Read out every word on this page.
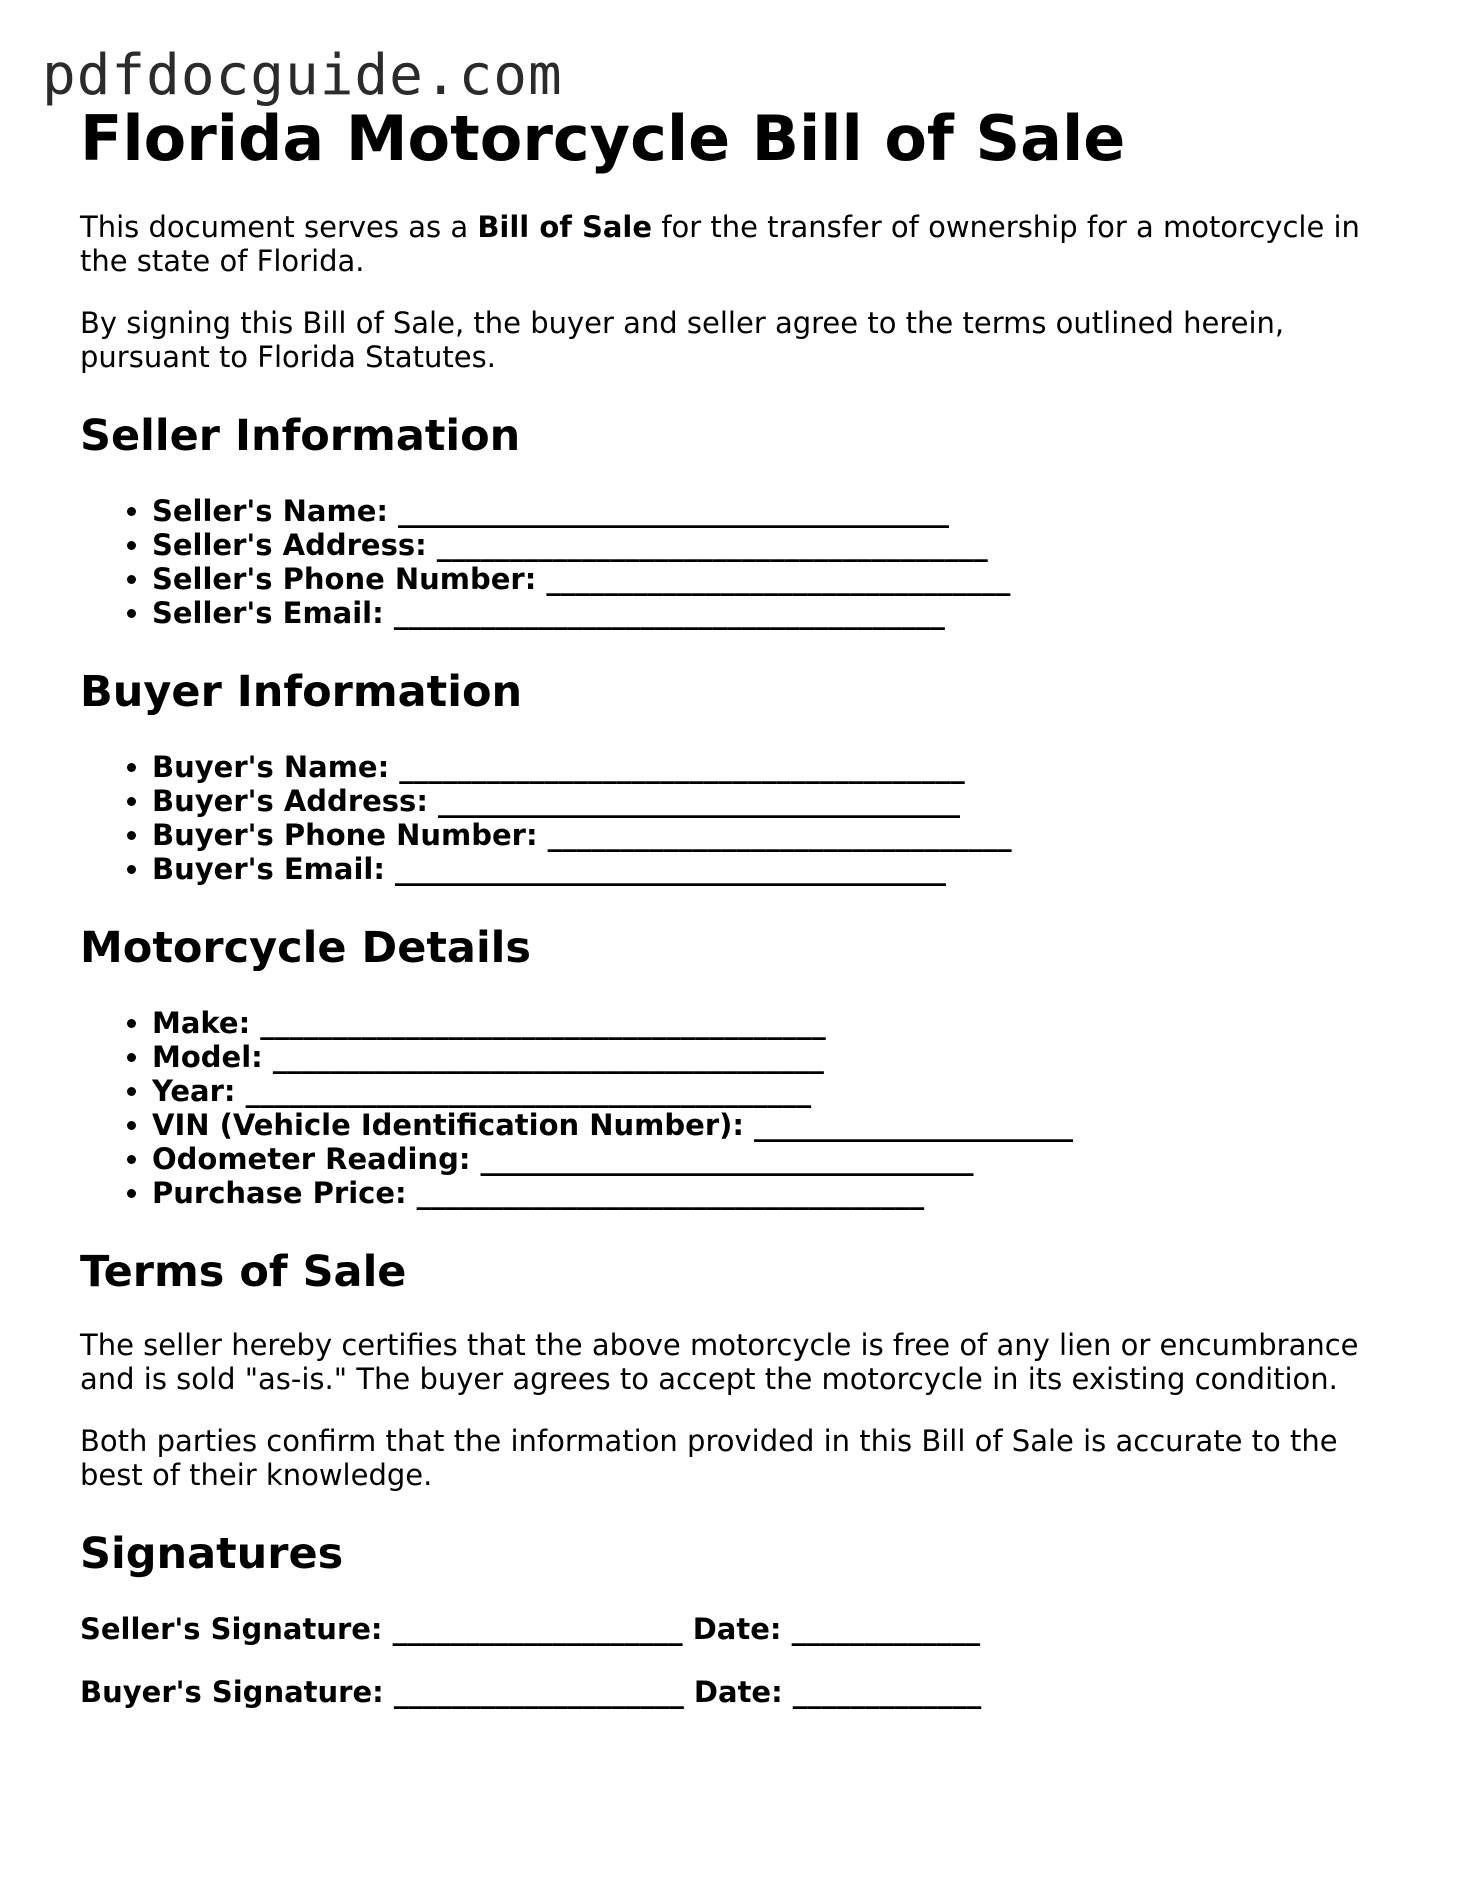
pdfdocguide.com
Florida Motorcycle Bill of Sale

This document serves as a Bill of Sale for the transfer of ownership for a motorcycle in the state of Florida.

By signing this Bill of Sale, the buyer and seller agree to the terms outlined herein, pursuant to Florida Statutes.

Seller Information
• Seller's Name: ______________________________________
• Seller's Address: ______________________________________
• Seller's Phone Number: ________________________________
• Seller's Email: ______________________________________
Buyer Information
• Buyer's Name: _______________________________________
• Buyer's Address: ____________________________________
• Buyer's Phone Number: ________________________________
• Buyer's Email: ______________________________________
Motorcycle Details
• Make: _______________________________________
• Model: ______________________________________
• Year: _______________________________________
• VIN (Vehicle Identification Number): ______________________
• Odometer Reading: __________________________________
• Purchase Price: ___________________________________
Terms of Sale

The seller hereby certifies that the above motorcycle is free of any lien or encumbrance and is sold "as-is." The buyer agrees to accept the motorcycle in its existing condition.

Both parties confirm that the information provided in this Bill of Sale is accurate to the best of their knowledge.

Signatures
Seller's Signature: ____________________ Date: _____________
Buyer's Signature: ____________________ Date: _____________
